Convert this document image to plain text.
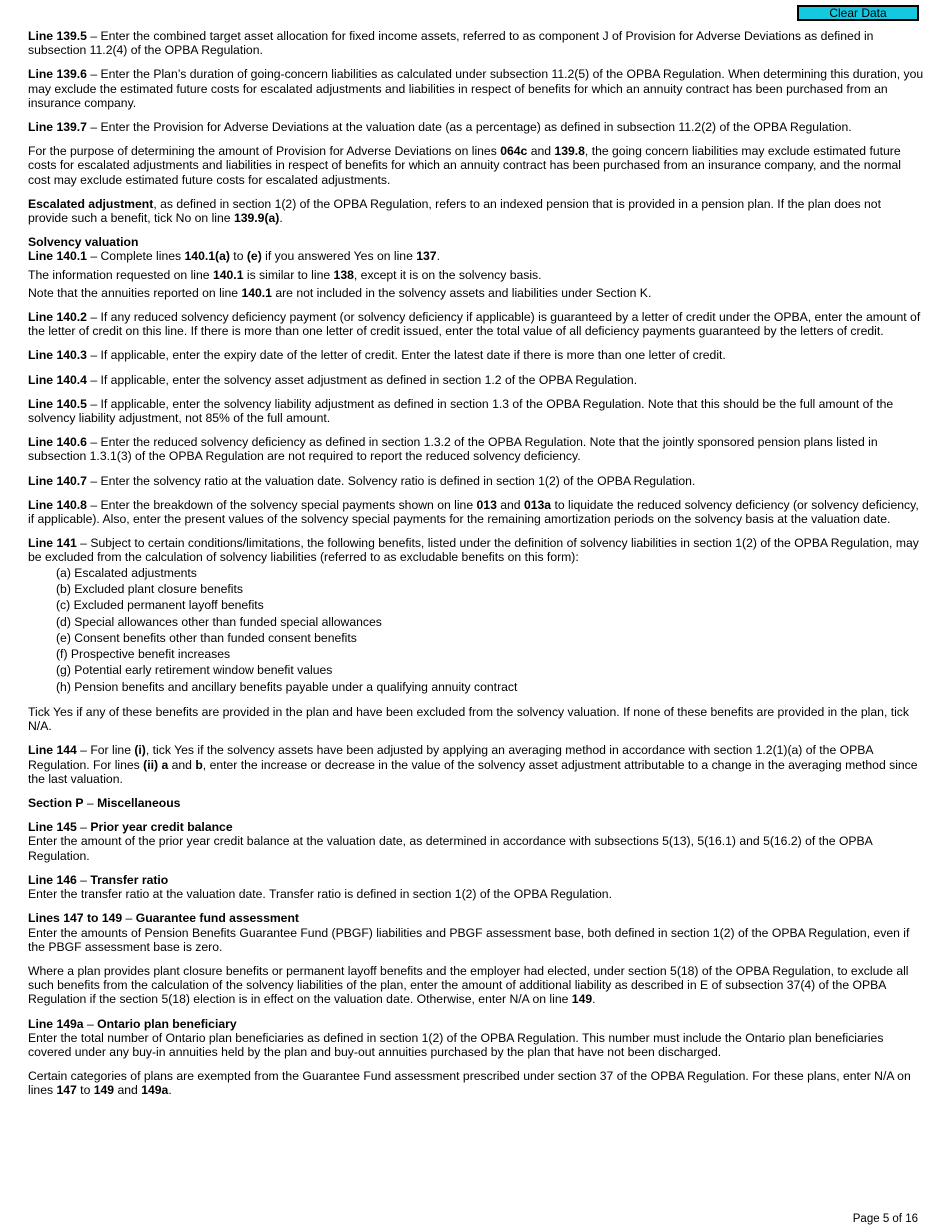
Clear Data

Line 139.5 – Enter the combined target asset allocation for fixed income assets, referred to as component J of Provision for Adverse Deviations as defined in subsection 11.2(4) of the OPBA Regulation.

Line 139.6 – Enter the Plan’s duration of going-concern liabilities as calculated under subsection 11.2(5) of the OPBA Regulation. When determining this duration, you may exclude the estimated future costs for escalated adjustments and liabilities in respect of benefits for which an annuity contract has been purchased from an insurance company.

Line 139.7 – Enter the Provision for Adverse Deviations at the valuation date (as a percentage) as defined in subsection 11.2(2) of the OPBA Regulation.

For the purpose of determining the amount of Provision for Adverse Deviations on lines 064c and 139.8, the going concern liabilities may exclude estimated future costs for escalated adjustments and liabilities in respect of benefits for which an annuity contract has been purchased from an insurance company, and the normal cost may exclude estimated future costs for escalated adjustments.

Escalated adjustment, as defined in section 1(2) of the OPBA Regulation, refers to an indexed pension that is provided in a pension plan. If the plan does not provide such a benefit, tick No on line 139.9(a).

Solvency valuation

Line 140.1 – Complete lines 140.1(a) to (e) if you answered Yes on line 137.

The information requested on line 140.1 is similar to line 138, except it is on the solvency basis.

Note that the annuities reported on line 140.1 are not included in the solvency assets and liabilities under Section K.

Line 140.2 – If any reduced solvency deficiency payment (or solvency deficiency if applicable) is guaranteed by a letter of credit under the OPBA, enter the amount of the letter of credit on this line. If there is more than one letter of credit issued, enter the total value of all deficiency payments guaranteed by the letters of credit.

Line 140.3 – If applicable, enter the expiry date of the letter of credit. Enter the latest date if there is more than one letter of credit.

Line 140.4 – If applicable, enter the solvency asset adjustment as defined in section 1.2 of the OPBA Regulation.

Line 140.5 – If applicable, enter the solvency liability adjustment as defined in section 1.3 of the OPBA Regulation. Note that this should be the full amount of the solvency liability adjustment, not 85% of the full amount.

Line 140.6 – Enter the reduced solvency deficiency as defined in section 1.3.2 of the OPBA Regulation. Note that the jointly sponsored pension plans listed in subsection 1.3.1(3) of the OPBA Regulation are not required to report the reduced solvency deficiency.

Line 140.7 – Enter the solvency ratio at the valuation date. Solvency ratio is defined in section 1(2) of the OPBA Regulation.

Line 140.8 – Enter the breakdown of the solvency special payments shown on line 013 and 013a to liquidate the reduced solvency deficiency (or solvency deficiency, if applicable). Also, enter the present values of the solvency special payments for the remaining amortization periods on the solvency basis at the valuation date.

Line 141 – Subject to certain conditions/limitations, the following benefits, listed under the definition of solvency liabilities in section 1(2) of the OPBA Regulation, may be excluded from the calculation of solvency liabilities (referred to as excludable benefits on this form):

(a) Escalated adjustments
(b) Excluded plant closure benefits
(c) Excluded permanent layoff benefits
(d) Special allowances other than funded special allowances
(e) Consent benefits other than funded consent benefits
(f) Prospective benefit increases
(g) Potential early retirement window benefit values
(h) Pension benefits and ancillary benefits payable under a qualifying annuity contract

Tick Yes if any of these benefits are provided in the plan and have been excluded from the solvency valuation. If none of these benefits are provided in the plan, tick N/A.

Line 144 – For line (i), tick Yes if the solvency assets have been adjusted by applying an averaging method in accordance with section 1.2(1)(a) of the OPBA Regulation. For lines (ii) a and b, enter the increase or decrease in the value of the solvency asset adjustment attributable to a change in the averaging method since the last valuation.

Section P – Miscellaneous

Line 145 – Prior year credit balance

Enter the amount of the prior year credit balance at the valuation date, as determined in accordance with subsections 5(13), 5(16.1) and 5(16.2) of the OPBA Regulation.

Line 146 – Transfer ratio

Enter the transfer ratio at the valuation date. Transfer ratio is defined in section 1(2) of the OPBA Regulation.

Lines 147 to 149 – Guarantee fund assessment

Enter the amounts of Pension Benefits Guarantee Fund (PBGF) liabilities and PBGF assessment base, both defined in section 1(2) of the OPBA Regulation, even if the PBGF assessment base is zero.

Where a plan provides plant closure benefits or permanent layoff benefits and the employer had elected, under section 5(18) of the OPBA Regulation, to exclude all such benefits from the calculation of the solvency liabilities of the plan, enter the amount of additional liability as described in E of subsection 37(4) of the OPBA Regulation if the section 5(18) election is in effect on the valuation date. Otherwise, enter N/A on line 149.

Line 149a – Ontario plan beneficiary

Enter the total number of Ontario plan beneficiaries as defined in section 1(2) of the OPBA Regulation. This number must include the Ontario plan beneficiaries covered under any buy-in annuities held by the plan and buy-out annuities purchased by the plan that have not been discharged.

Certain categories of plans are exempted from the Guarantee Fund assessment prescribed under section 37 of the OPBA Regulation. For these plans, enter N/A on lines 147 to 149 and 149a.

Page 5 of 16
